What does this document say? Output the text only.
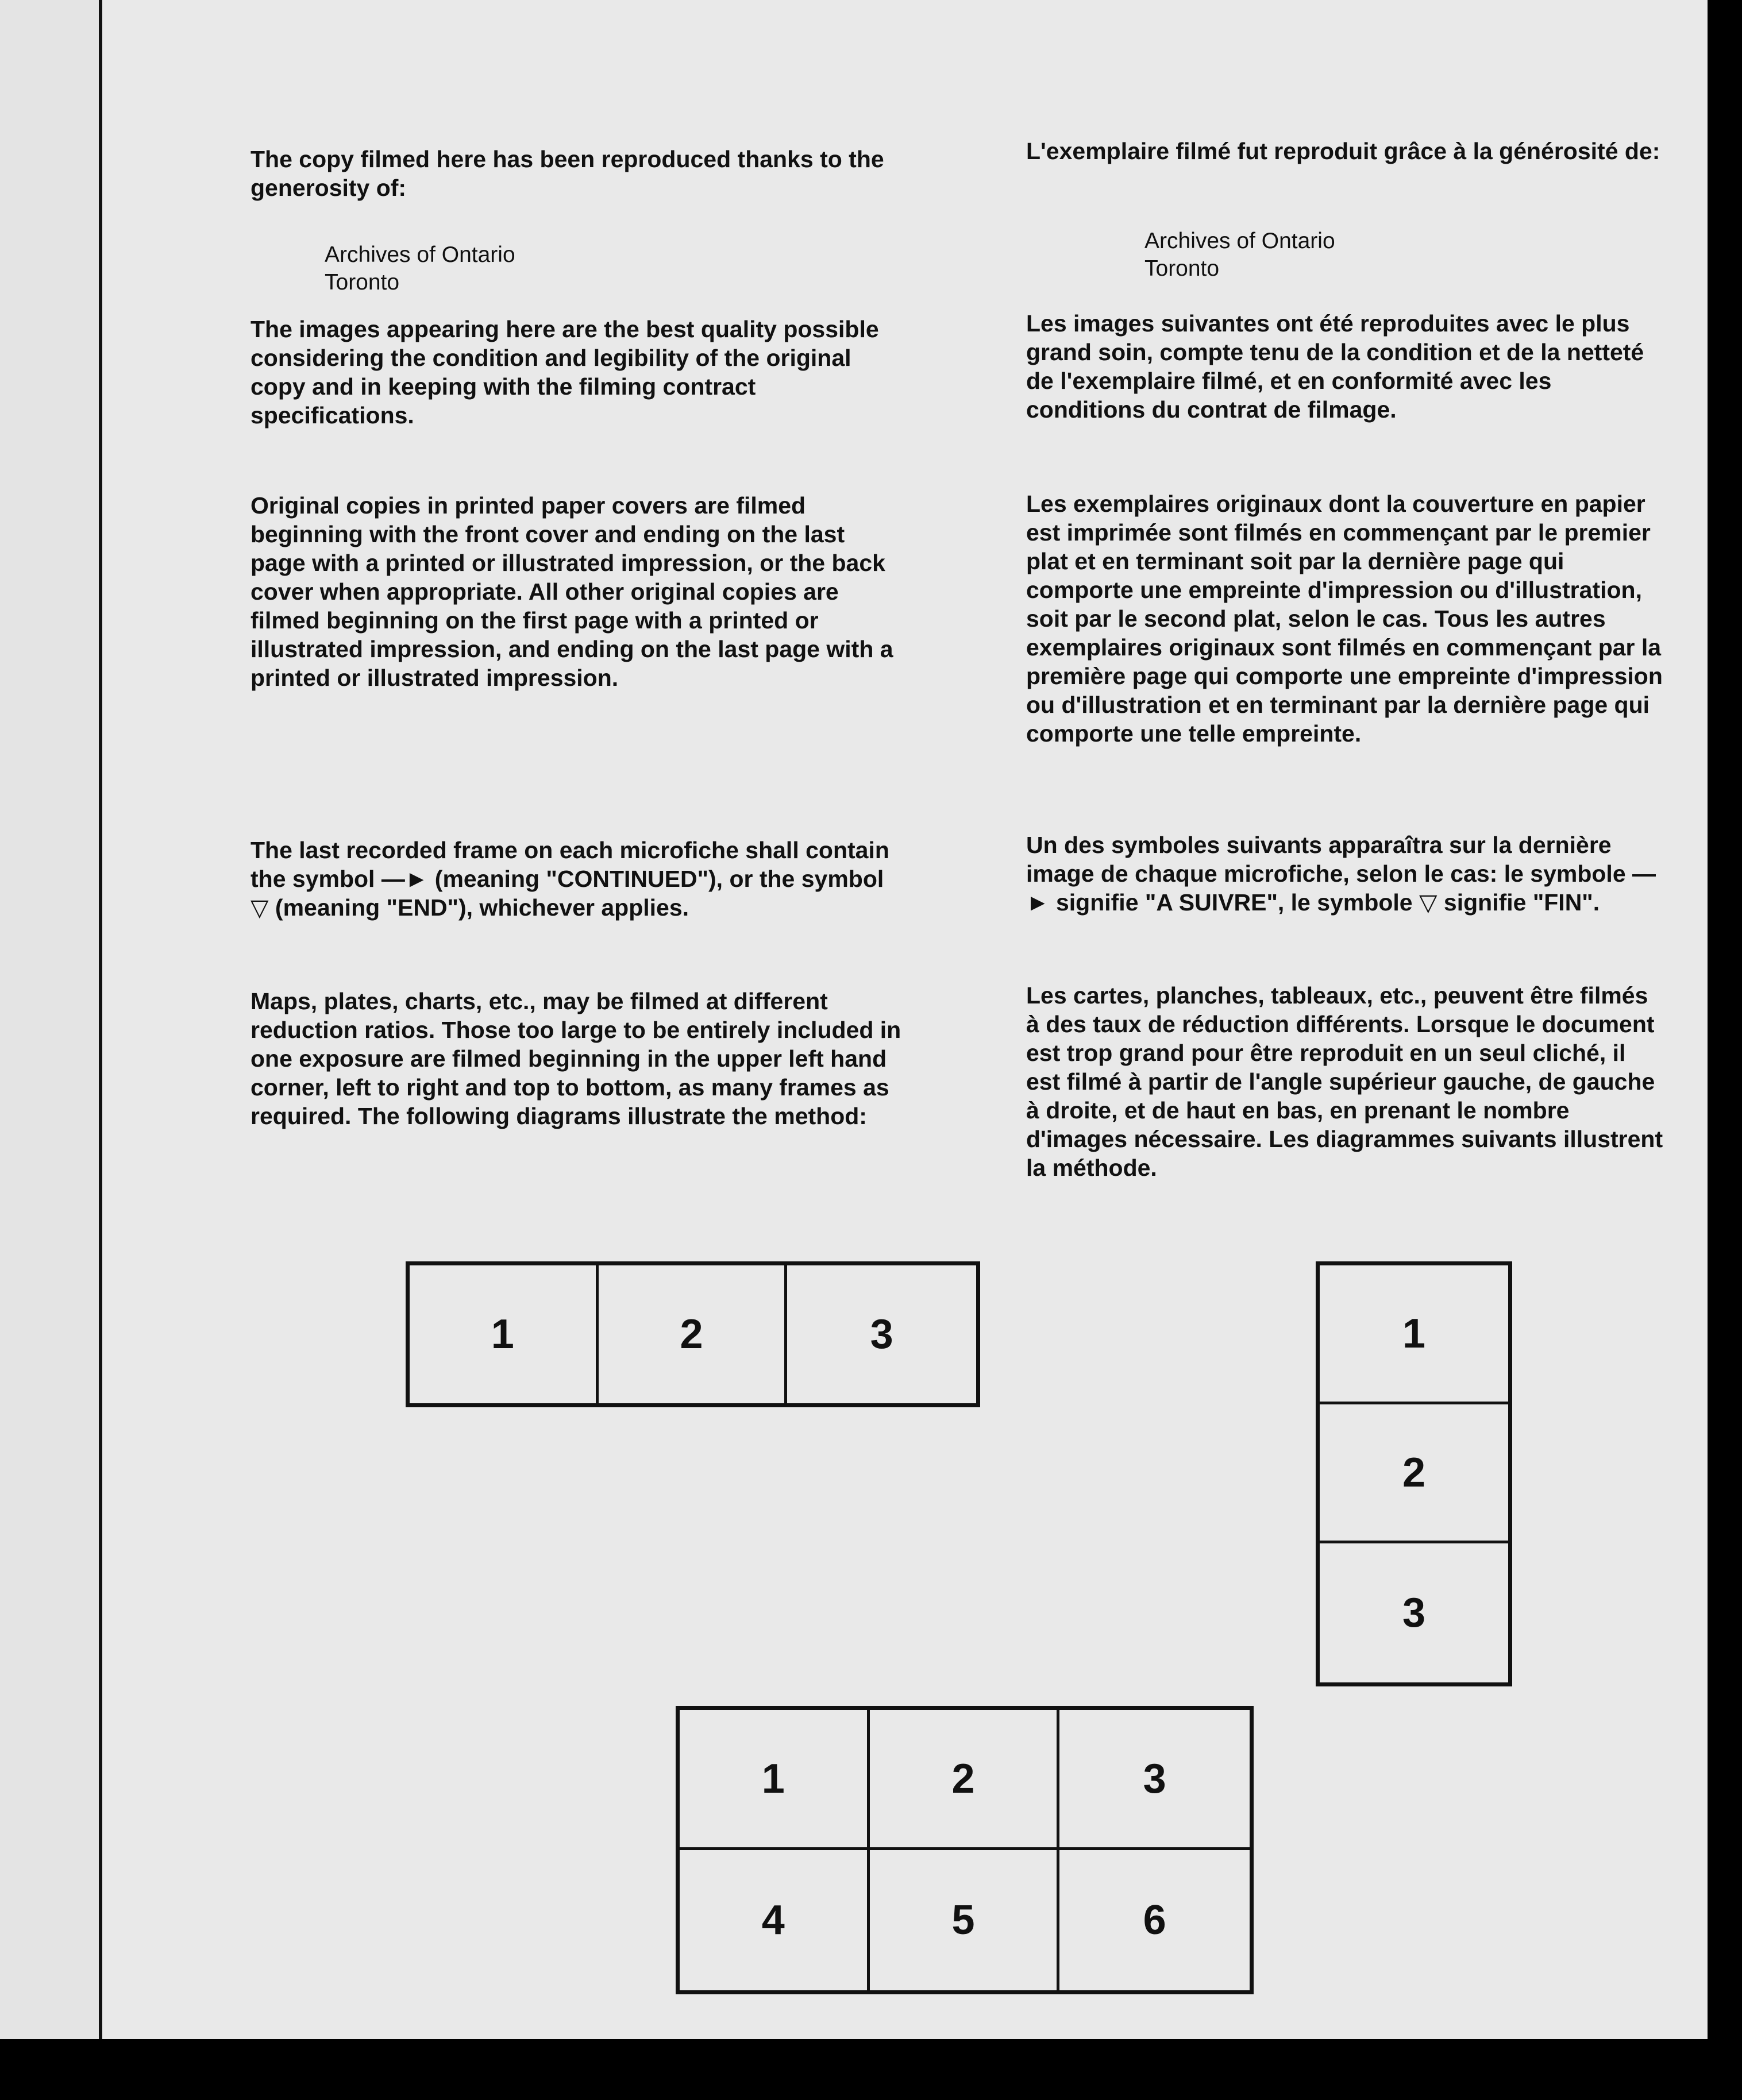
The copy filmed here has been reproduced thanks to the generosity of:

Archives of Ontario

Toronto

The images appearing here are the best quality possible considering the condition and legibility of the original copy and in keeping with the filming contract specifications.

Original copies in printed paper covers are filmed beginning with the front cover and ending on the last page with a printed or illustrated impression, or the back cover when appropriate. All other original copies are filmed beginning on the first page with a printed or illustrated impression, and ending on the last page with a printed or illustrated impression.

The last recorded frame on each microfiche shall contain the symbol —► (meaning "CONTINUED"), or the symbol ▽ (meaning "END"), whichever applies.

Maps, plates, charts, etc., may be filmed at different reduction ratios. Those too large to be entirely included in one exposure are filmed beginning in the upper left hand corner, left to right and top to bottom, as many frames as required. The following diagrams illustrate the method:

L'exemplaire filmé fut reproduit grâce à la générosité de:

Archives of Ontario

Toronto

Les images suivantes ont été reproduites avec le plus grand soin, compte tenu de la condition et de la netteté de l'exemplaire filmé, et en conformité avec les conditions du contrat de filmage.

Les exemplaires originaux dont la couverture en papier est imprimée sont filmés en commençant par le premier plat et en terminant soit par la dernière page qui comporte une empreinte d'impression ou d'illustration, soit par le second plat, selon le cas. Tous les autres exemplaires originaux sont filmés en commençant par la première page qui comporte une empreinte d'impression ou d'illustration et en terminant par la dernière page qui comporte une telle empreinte.

Un des symboles suivants apparaîtra sur la dernière image de chaque microfiche, selon le cas: le symbole —► signifie "A SUIVRE", le symbole ▽ signifie "FIN".

Les cartes, planches, tableaux, etc., peuvent être filmés à des taux de réduction différents. Lorsque le document est trop grand pour être reproduit en un seul cliché, il est filmé à partir de l'angle supérieur gauche, de gauche à droite, et de haut en bas, en prenant le nombre d'images nécessaire. Les diagrammes suivants illustrent la méthode.

1	2	3	1
2
3
1	2	3
4	5	6
